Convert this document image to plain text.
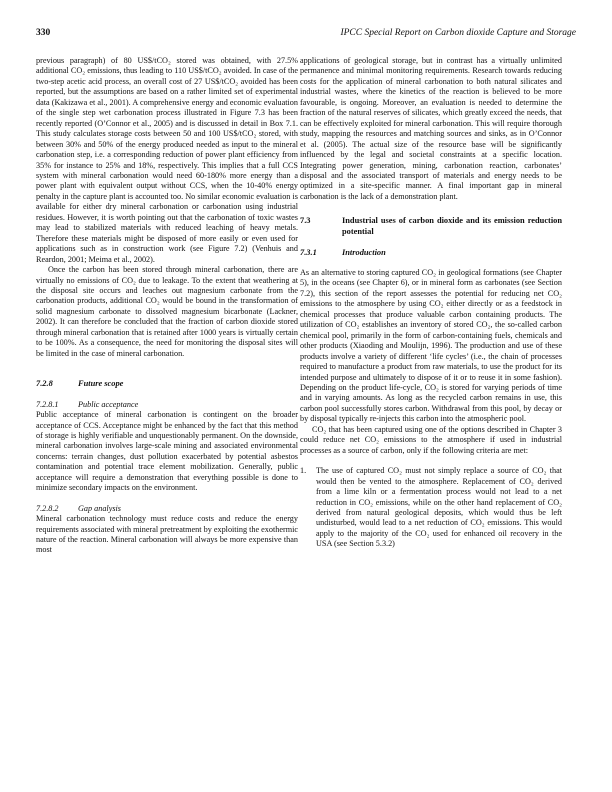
330	IPCC Special Report on Carbon dioxide Capture and Storage

previous paragraph) of 80 US$/tCO₂ stored was obtained, with 27.5% additional CO₂ emissions, thus leading to 110 US$/tCO₂ avoided. In case of the two-step acetic acid process, an overall cost of 27 US$/tCO₂ avoided has been reported, but the assumptions are based on a rather limited set of experimental data (Kakizawa et al., 2001). A comprehensive energy and economic evaluation of the single step wet carbonation process illustrated in Figure 7.3 has been recently reported (O’Connor et al., 2005) and is discussed in detail in Box 7.1. This study calculates storage costs between 50 and 100 US$/tCO₂ stored, with between 30% and 50% of the energy produced needed as input to the mineral carbonation step, i.e. a corresponding reduction of power plant efficiency from 35% for instance to 25% and 18%, respectively. This implies that a full CCS system with mineral carbonation would need 60-180% more energy than a power plant with equivalent output without CCS, when the 10-40% energy penalty in the capture plant is accounted too. No similar economic evaluation is available for either dry mineral carbonation or carbonation using industrial residues. However, it is worth pointing out that the carbonation of toxic wastes may lead to stabilized materials with reduced leaching of heavy metals. Therefore these materials might be disposed of more easily or even used for applications such as in construction work (see Figure 7.2) (Venhuis and Reardon, 2001; Meima et al., 2002).

Once the carbon has been stored through mineral carbonation, there are virtually no emissions of CO₂ due to leakage. To the extent that weathering at the disposal site occurs and leaches out magnesium carbonate from the carbonation products, additional CO₂ would be bound in the transformation of solid magnesium carbonate to dissolved magnesium bicarbonate (Lackner, 2002). It can therefore be concluded that the fraction of carbon dioxide stored through mineral carbonation that is retained after 1000 years is virtually certain to be 100%. As a consequence, the need for monitoring the disposal sites will be limited in the case of mineral carbonation.

7.2.8	Future scope
7.2.8.1	Public acceptance

Public acceptance of mineral carbonation is contingent on the broader acceptance of CCS. Acceptance might be enhanced by the fact that this method of storage is highly verifiable and unquestionably permanent. On the downside, mineral carbonation involves large-scale mining and associated environmental concerns: terrain changes, dust pollution exacerbated by potential asbestos contamination and potential trace element mobilization. Generally, public acceptance will require a demonstration that everything possible is done to minimize secondary impacts on the environment.

7.2.8.2	Gap analysis

Mineral carbonation technology must reduce costs and reduce the energy requirements associated with mineral pretreatment by exploiting the exothermic nature of the reaction. Mineral carbonation will always be more expensive than most

applications of geological storage, but in contrast has a virtually unlimited permanence and minimal monitoring requirements. Research towards reducing costs for the application of mineral carbonation to both natural silicates and industrial wastes, where the kinetics of the reaction is believed to be more favourable, is ongoing. Moreover, an evaluation is needed to determine the fraction of the natural reserves of silicates, which greatly exceed the needs, that can be effectively exploited for mineral carbonation. This will require thorough study, mapping the resources and matching sources and sinks, as in O’Connor et al. (2005). The actual size of the resource base will be significantly influenced by the legal and societal constraints at a specific location. Integrating power generation, mining, carbonation reaction, carbonates’ disposal and the associated transport of materials and energy needs to be optimized in a site-specific manner. A final important gap in mineral carbonation is the lack of a demonstration plant.

7.3	Industrial uses of carbon dioxide and its emission reduction potential
7.3.1	Introduction

As an alternative to storing captured CO₂ in geological formations (see Chapter 5), in the oceans (see Chapter 6), or in mineral form as carbonates (see Section 7.2), this section of the report assesses the potential for reducing net CO₂ emissions to the atmosphere by using CO₂ either directly or as a feedstock in chemical processes that produce valuable carbon containing products. The utilization of CO₂ establishes an inventory of stored CO₂, the so-called carbon chemical pool, primarily in the form of carbon-containing fuels, chemicals and other products (Xiaoding and Moulijn, 1996). The production and use of these products involve a variety of different ‘life cycles’ (i.e., the chain of processes required to manufacture a product from raw materials, to use the product for its intended purpose and ultimately to dispose of it or to reuse it in some fashion). Depending on the product life-cycle, CO₂ is stored for varying periods of time and in varying amounts. As long as the recycled carbon remains in use, this carbon pool successfully stores carbon. Withdrawal from this pool, by decay or by disposal typically re-injects this carbon into the atmospheric pool.

CO₂ that has been captured using one of the options described in Chapter 3 could reduce net CO₂ emissions to the atmosphere if used in industrial processes as a source of carbon, only if the following criteria are met:

1.	The use of captured CO₂ must not simply replace a source of CO₂ that would then be vented to the atmosphere. Replacement of CO₂ derived from a lime kiln or a fermentation process would not lead to a net reduction in CO₂ emissions, while on the other hand replacement of CO₂ derived from natural geological deposits, which would thus be left undisturbed, would lead to a net reduction of CO₂ emissions. This would apply to the majority of the CO₂ used for enhanced oil recovery in the USA (see Section 5.3.2)
